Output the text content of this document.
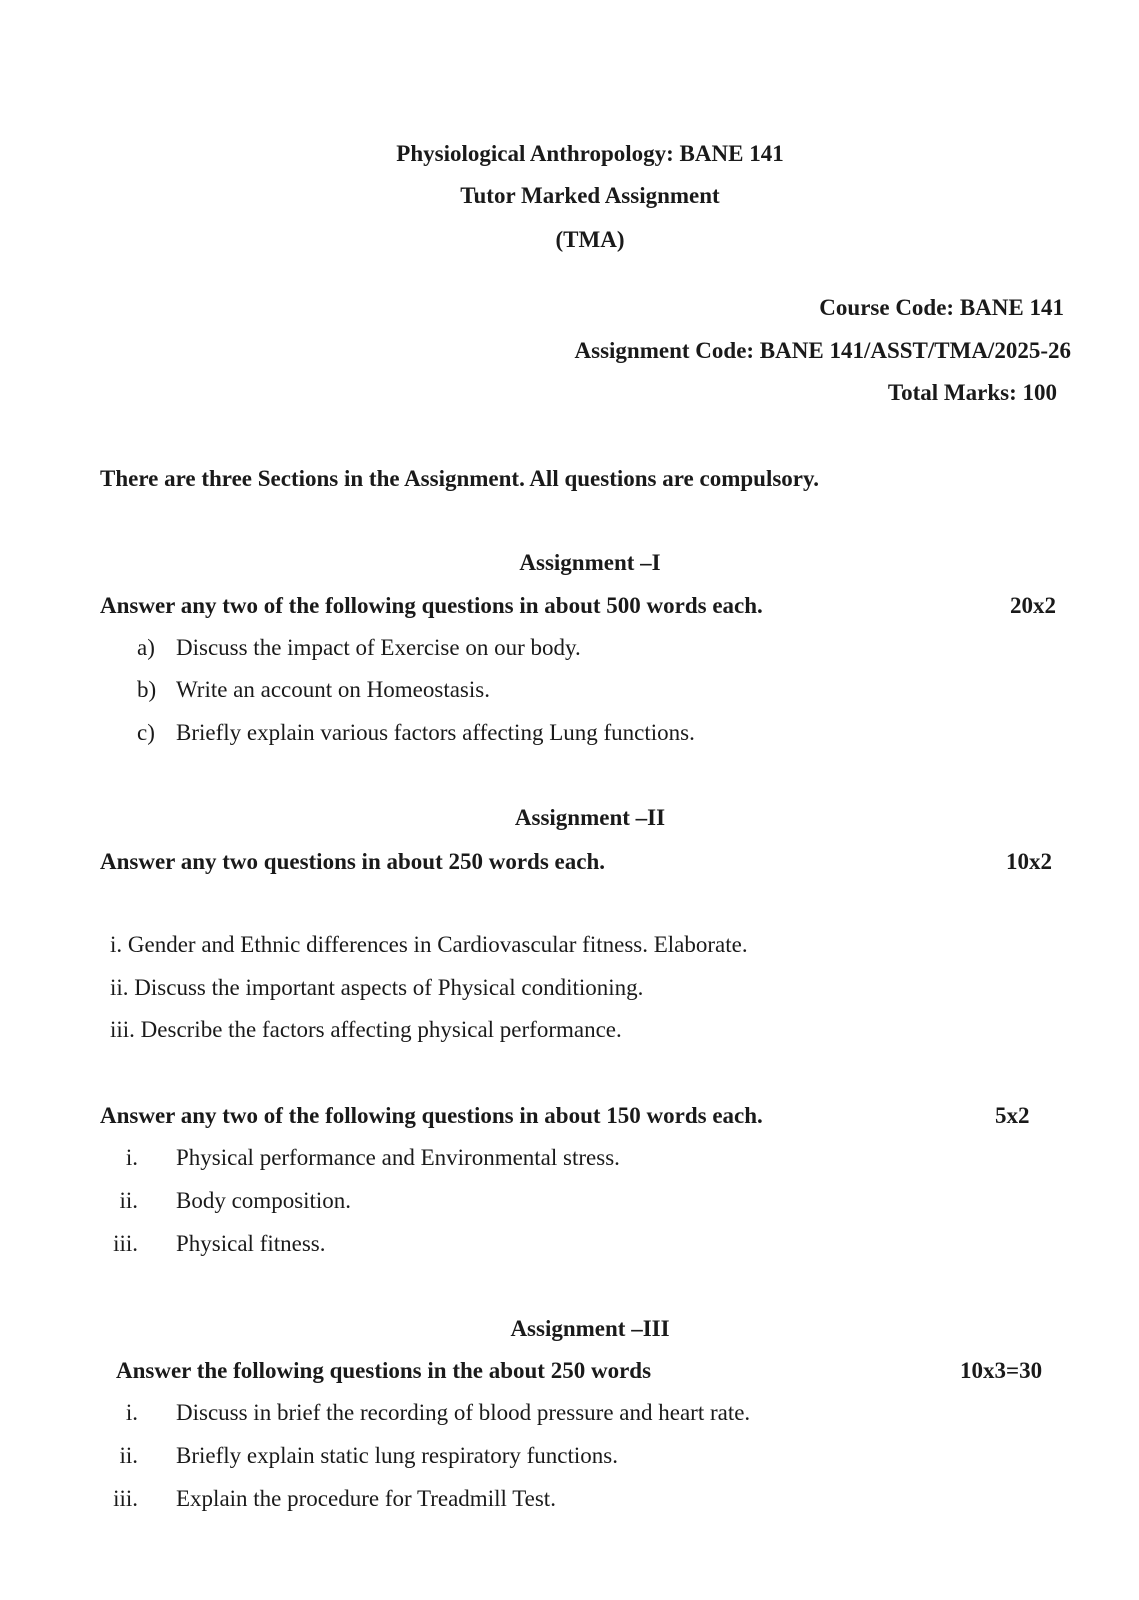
Physiological Anthropology: BANE 141
Tutor Marked Assignment
(TMA)
Course Code: BANE 141
Assignment Code: BANE 141/ASST/TMA/2025-26
Total Marks: 100
There are three Sections in the Assignment. All questions are compulsory.
Assignment –I
Answer any two of the following questions in about 500 words each.	20x2
a) Discuss the impact of Exercise on our body.
b) Write an account on Homeostasis.
c) Briefly explain various factors affecting Lung functions.
Assignment –II
Answer any two questions in about 250 words each.	10x2
i. Gender and Ethnic differences in Cardiovascular fitness. Elaborate.
ii. Discuss the important aspects of Physical conditioning.
iii. Describe the factors affecting physical performance.
Answer any two of the following questions in about 150 words each.	5x2
i. Physical performance and Environmental stress.
ii. Body composition.
iii. Physical fitness.
Assignment –III
Answer the following questions in the about 250 words	10x3=30
i. Discuss in brief the recording of blood pressure and heart rate.
ii. Briefly explain static lung respiratory functions.
iii. Explain the procedure for Treadmill Test.
